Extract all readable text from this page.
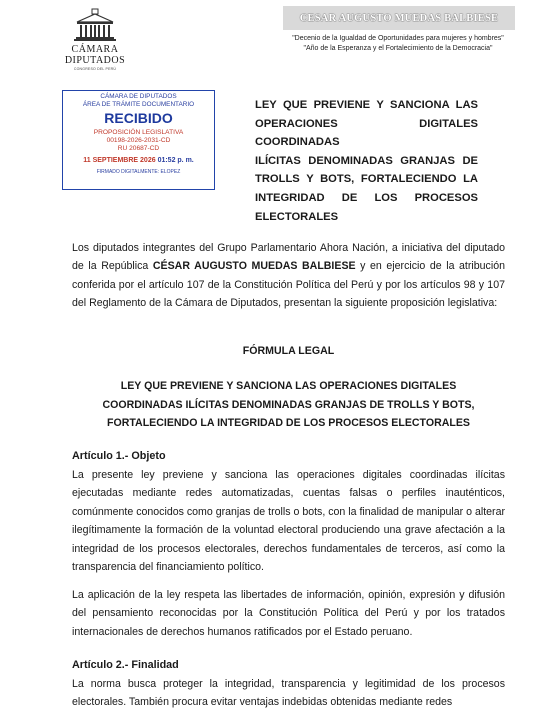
CÁMARA
DIPUTADOS
CONGRESO DEL PERÚ
CESAR AUGUSTO MUEDAS BALBIESE
"Decenio de la Igualdad de Oportunidades para mujeres y hombres"
"Año de la Esperanza y el Fortalecimiento de la Democracia"
CÁMARA DE DIPUTADOS
ÁREA DE TRÁMITE DOCUMENTARIO
RECIBIDO
PROPOSICIÓN LEGISLATIVA
00198-2026-2031-CD
RU 20687-CD
11 SEPTIEMBRE 2026 01:52 p. m.
FIRMADO DIGITALMENTE: ELOPEZ
LEY QUE PREVIENE Y SANCIONA LAS
OPERACIONES DIGITALES COORDINADAS
ILÍCITAS DENOMINADAS GRANJAS DE
TROLLS Y BOTS, FORTALECIENDO LA
INTEGRIDAD DE LOS PROCESOS
ELECTORALES
Los diputados integrantes del Grupo Parlamentario Ahora Nación, a iniciativa del diputado de la República CÉSAR AUGUSTO MUEDAS BALBIESE y en ejercicio de la atribución conferida por el artículo 107 de la Constitución Política del Perú y por los artículos 98 y 107 del Reglamento de la Cámara de Diputados, presentan la siguiente proposición legislativa:
FÓRMULA LEGAL
LEY QUE PREVIENE Y SANCIONA LAS OPERACIONES DIGITALES
COORDINADAS ILÍCITAS DENOMINADAS GRANJAS DE TROLLS Y BOTS,
FORTALECIENDO LA INTEGRIDAD DE LOS PROCESOS ELECTORALES
Artículo 1.- Objeto
La presente ley previene y sanciona las operaciones digitales coordinadas ilícitas ejecutadas mediante redes automatizadas, cuentas falsas o perfiles inauténticos, comúnmente conocidos como granjas de trolls o bots, con la finalidad de manipular o alterar ilegítimamente la formación de la voluntad electoral produciendo una grave afectación a la integridad de los procesos electorales, derechos fundamentales de terceros, así como la transparencia del financiamiento político.
La aplicación de la ley respeta las libertades de información, opinión, expresión y difusión del pensamiento reconocidas por la Constitución Política del Perú y por los tratados internacionales de derechos humanos ratificados por el Estado peruano.
Artículo 2.- Finalidad
La norma busca proteger la integridad, transparencia y legitimidad de los procesos electorales. También procura evitar ventajas indebidas obtenidas mediante redes
